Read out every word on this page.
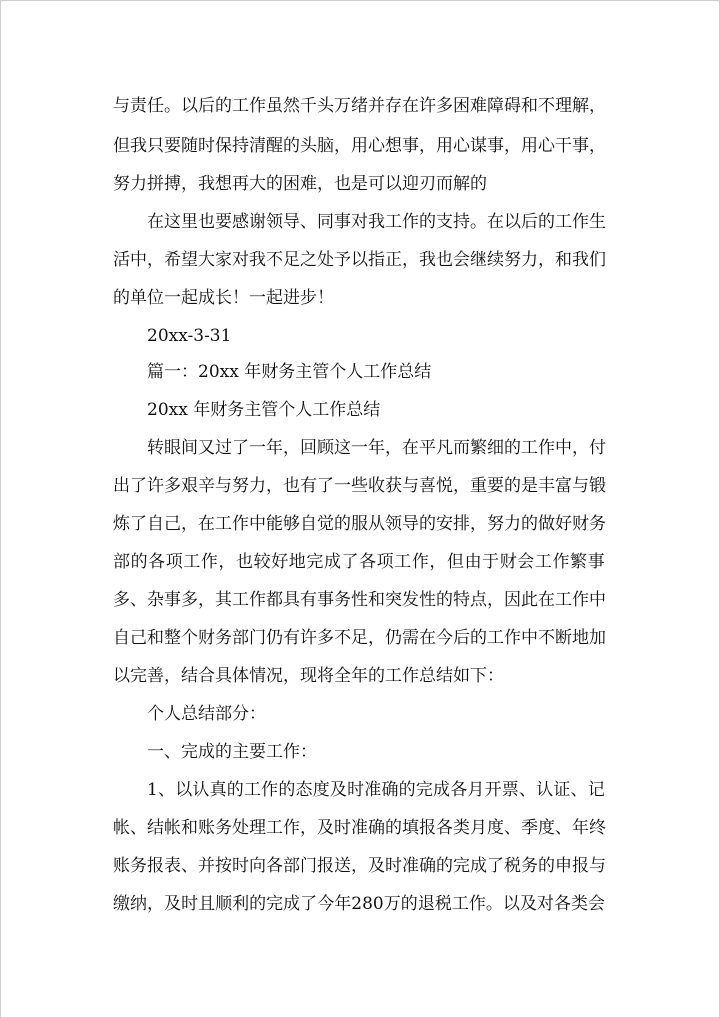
与 责 任 。 以 后 的 工 作 虽 然 千 头 万 绪 并 存 在 许 多 困 难 障 碍 和 不 理 解 ，
但 我 只 要 随 时 保 持 清 醒 的 头 脑 ， 用 心 想 事 ， 用 心 谋 事 ， 用 心 干 事 ，
努力拼搏，我想再大的困难，也是可以迎刃而解的
在 这 里 也 要 感 谢 领 导 、 同 事 对 我 工 作 的 支 持 。 在 以 后 的 工 作 生
活 中 ， 希 望 大 家 对 我 不 足 之 处 予 以 指 正 ， 我 也 会 继 续 努 力 ， 和 我 们
的单位一起成长！一起进步！
20xx-3-31
篇一：20xx 年财务主管个人工作总结
20xx 年财务主管个人工作总结
转 眼 间 又 过 了 一 年 ， 回 顾 这 一 年 ， 在 平 凡 而 繁 细 的 工 作 中 ， 付
出 了 许 多 艰 辛 与 努 力 ， 也 有 了 一 些 收 获 与 喜 悦 ， 重 要 的 是 丰 富 与 锻
炼 了 自 己 ， 在 工 作 中 能 够 自 觉 的 服 从 领 导 的 安 排 ， 努 力 的 做 好 财 务
部 的 各 项 工 作 ， 也 较 好 地 完 成 了 各 项 工 作 ， 但 由 于 财 会 工 作 繁 事
多 、 杂 事 多 ， 其 工 作 都 具 有 事 务 性 和 突 发 性 的 特 点 ， 因 此 在 工 作 中
自 己 和 整 个 财 务 部 门 仍 有 许 多 不 足 ， 仍 需 在 今 后 的 工 作 中 不 断 地 加
以完善，结合具体情况，现将全年的工作总结如下：
个人总结部分：
一、完成的主要工作：
1 、 以 认 真 的 工 作 的 态 度 及 时 准 确 的 完 成 各 月 开 票 、 认 证 、 记
帐 、 结 帐 和 账 务 处 理 工 作 ， 及 时 准 确 的 填 报 各 类 月 度 、 季 度 、 年 终
账 务 报 表 、 并 按 时 向 各 部 门 报 送 ， 及 时 准 确 的 完 成 了 税 务 的 申 报 与
缴 纳 ， 及 时 且 顺 利 的 完 成 了 今 年 2 8 0 万 的 退 税 工 作 。 以 及 对 各 类 会
